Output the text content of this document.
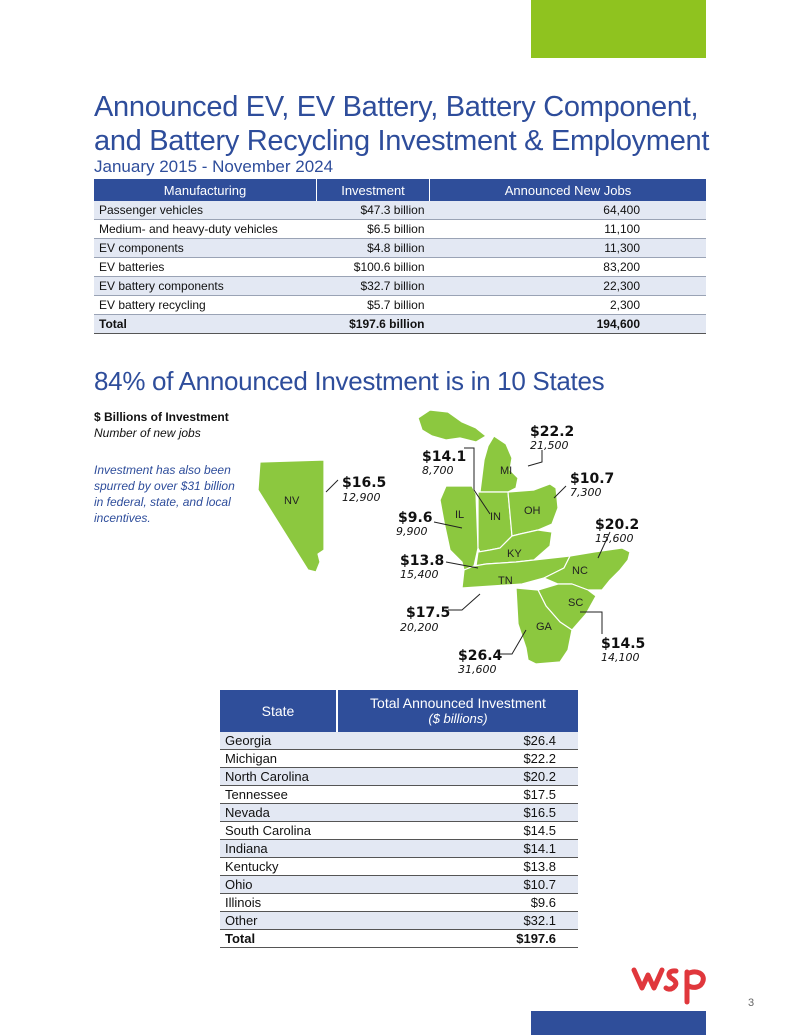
Announced EV, EV Battery, Battery Component,
and Battery Recycling Investment & Employment
January 2015 - November 2024
Manufacturing	Investment	Announced New Jobs
Passenger vehicles	$47.3 billion	64,400
Medium- and heavy-duty vehicles	$6.5 billion	11,100
EV components	$4.8 billion	11,300
EV batteries	$100.6 billion	83,200
EV battery components	$32.7 billion	22,300
EV battery recycling	$5.7 billion	2,300
Total	$197.6 billion	194,600
84% of Announced Investment is in 10 States
$ Billions of Investment
Number of new jobs
Investment has also been spurred by over $31 billion in federal, state, and local incentives.
NV
MI
IN OH
IL
NC
KY
TN
SC
GA
$16.5
12,900
$22.2
21,500
$14.1
8,700
$10.7
7,300
$9.6
9,900	$20.2
15,600
$13.8
15,400
$17.5
20,200
$14.5
14,100
$26.4
31,600
State	Total Announced Investment
($ billions)

Georgia	$26.4
Michigan	$22.2
North Carolina	$20.2
Tennessee	$17.5
Nevada	$16.5
South Carolina	$14.5
Indiana	$14.1
Kentucky	$13.8
Ohio	$10.7
Illinois	$9.6
Other	$32.1
Total	$197.6
3
